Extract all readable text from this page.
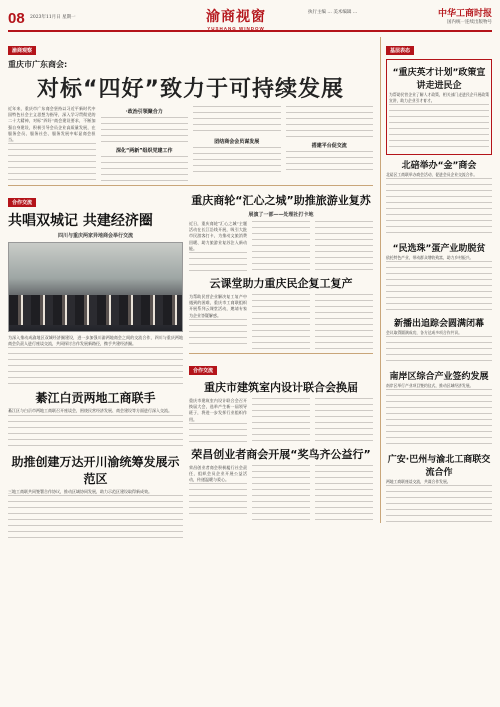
08	2023年11月日 星期一	渝商视窗
YUSHANG WINDOW
执行主编 … 美术编辑 …	中华工商时报
国内统一连续出版物号
渝商观察
重庆市广东商会:
对标“四好”致力于可持续发展
近年来，重庆市广东商会坚持以习近平新时代中国特色社会主义思想为指导，深入学习贯彻党的二十大精神，对标“四好”商会建设要求，不断加强自身建设，积极引导会员企业高质量发展，在服务会员、服务社会、服务发展中彰显商会担当。
·政治引领聚合力
深化“两新”组织党建工作
团结商会会员谋发展
搭建平台促交流
合作交流
共唱双城记 共建经济圈
四川与重庆两家异地商会举行交流
为深入推动成渝地区双城经济圈建设，进一步加强川渝两地商会之间的交流合作，四川与重庆两地商会负责人进行座谈交流，共同探讨合作发展新路径，携手共建经济圈。
綦江白贡两地工商联手
綦江区与白贡市两地工商联召开座谈会，围绕民营经济发展、商会建设等方面进行深入交流。
助推创建万达开川渝统筹发展示范区
三地工商联共同签署合作协议，推动区域协同发展，助力示范区建设取得新成效。
重庆商轮“汇心之城”助推旅游业复苏
展演了一部——处理社打卡地
近日，重庆商轮“汇心之城”主题活动在长江沿线开展，吸引大批市民游客打卡，为推动文旅消费回暖、助力旅游业复苏注入新动能。
云课堂助力重庆民企复工复产
为帮助民营企业解决复工复产中遇到的困难，重庆市工商联组织开展系列云课堂活动，邀请专家为企业答疑解惑。
合作交流
重庆市建筑室内设计联合会换届
重庆市建筑室内设计联合会召开换届大会，选举产生新一届领导班子，将进一步发挥行业组织作用。
荣昌创业者商会开展“奖鸟齐公益行”
荣昌创业者商会积极履行社会责任，组织会员企业开展公益活动，传递温暖与爱心。
基层表态
“重庆英才计划”政策宣讲走进民企
为帮助民营企业了解人才政策，相关部门走进民企开展政策宣讲，助力企业引才育才。
北碚举办“金”商会
北碚区工商联举办商会活动，促进会员企业交流合作。
“民选珠”蛋产业助脱贫
依托特色产业，带动群众增收致富，助力乡村振兴。
新播出追踪会圆满闭幕
会议取得圆满成功，各方达成多项合作共识。
南岸区综合产业签约发展
南岸区举行产业项目签约仪式，推动区域经济发展。
广安·巴州与渝北工商联交流合作
两地工商联座谈交流，共谋合作发展。
